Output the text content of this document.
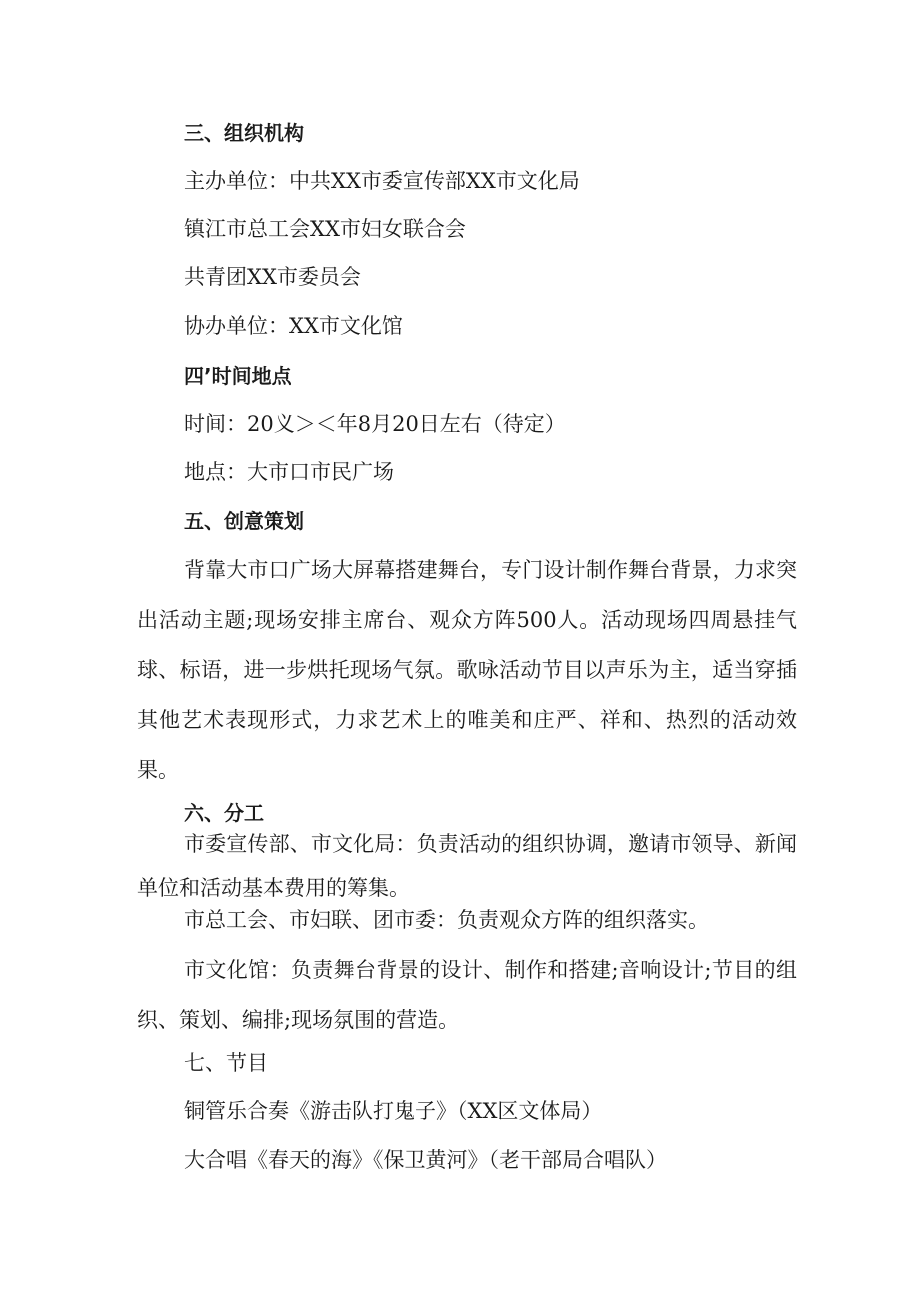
三、组织机构
主办单位：中共XX市委宣传部XX市文化局
镇江市总工会XX市妇女联合会
共青团XX市委员会
协办单位：XX市文化馆
四’时间地点
时间：20义＞＜年8月20日左右（待定）
地点：大市口市民广场
五、创意策划
背靠大市口广场大屏幕搭建舞台，专门设计制作舞台背景，力求突出活动主题;现场安排主席台、观众方阵500人。活动现场四周悬挂气球、标语，进一步烘托现场气氛。歌咏活动节目以声乐为主，适当穿插其他艺术表现形式，力求艺术上的唯美和庄严、祥和、热烈的活动效果。
六、分工
市委宣传部、市文化局：负责活动的组织协调，邀请市领导、新闻单位和活动基本费用的筹集。
市总工会、市妇联、团市委：负责观众方阵的组织落实。
市文化馆：负责舞台背景的设计、制作和搭建;音响设计;节目的组织、策划、编排;现场氛围的营造。
七、节目
铜管乐合奏《游击队打鬼子》（XX区文体局）
大合唱《春天的海》《保卫黄河》（老干部局合唱队）
